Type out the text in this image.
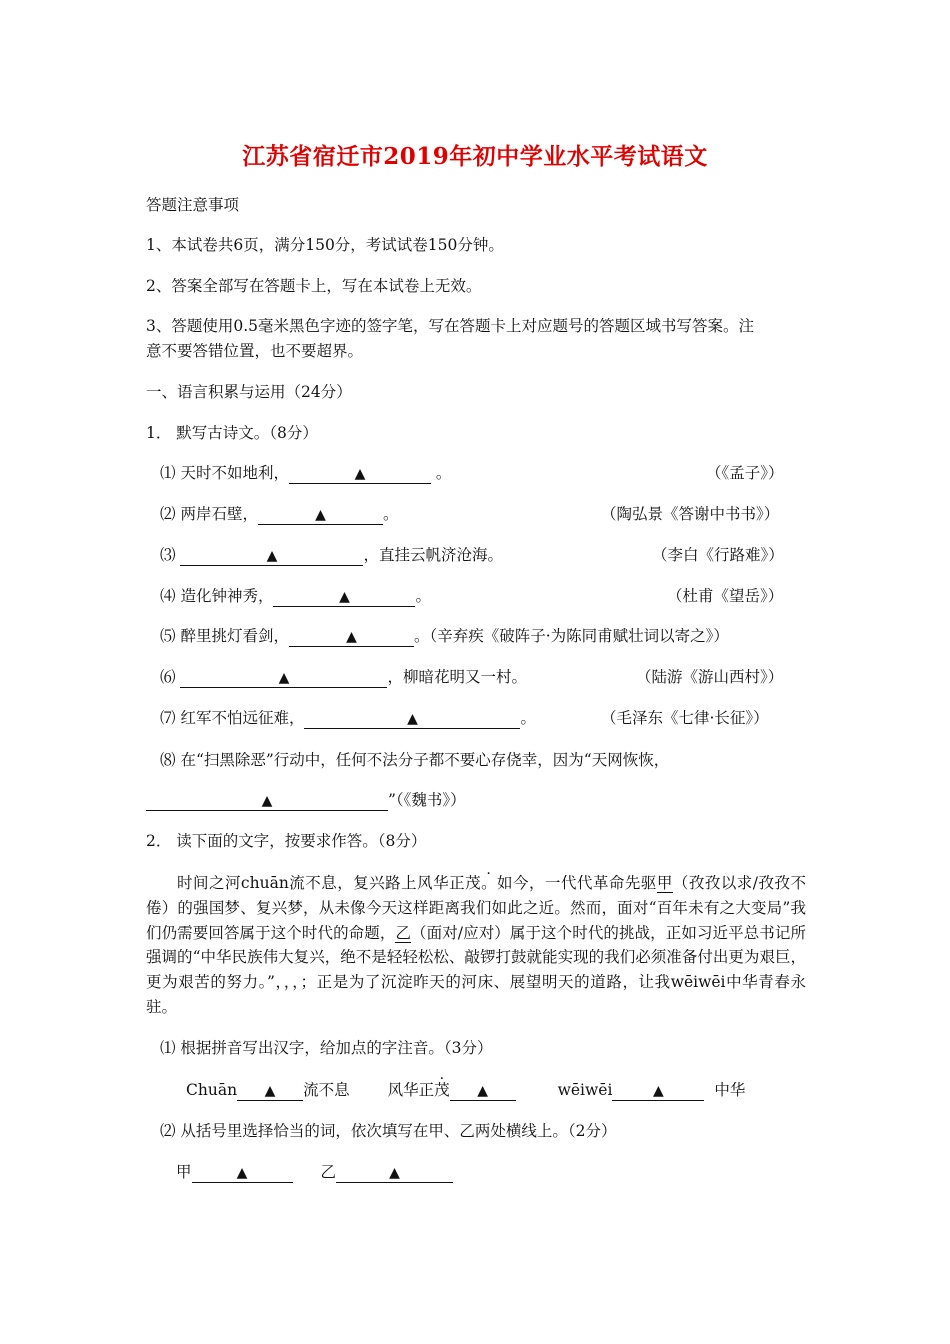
江苏省宿迁市2019年初中学业水平考试语文
答题注意事项
1、本试卷共6页，满分150分，考试试卷150分钟。
2、答案全部写在答题卡上，写在本试卷上无效。
3、答题使用0.5毫米黑色字迹的签字笔，写在答题卡上对应题号的答题区域书写答案。注
意不要答错位置，也不要超界。
一、语言积累与运用（24分）
1． 默写古诗文。（8分）
⑴ 天时不如地利，	▲	。	（《孟子》）
⑵ 两岸石壁，	▲	。	（陶弘景《答谢中书书》）
⑶	▲	，直挂云帆济沧海。	（李白《行路难》）
⑷ 造化钟神秀，	▲	。	（杜甫《望岳》）
⑸ 醉里挑灯看剑，	▲	。（辛弃疾《破阵子·为陈同甫赋壮词以寄之》）
⑹	▲	，柳暗花明又一村。	（陆游《游山西村》）
⑺ 红军不怕远征难，	▲	。	（毛泽东《七律·长征》）
⑻ 在“扫黑除恶”行动中，任何不法分子都不要心存侥幸，因为“天网恢恢，
▲	”（《魏书》）
2． 读下面的文字，按要求作答。（8分）
时间之河chuān流不息，复兴路上风华正茂。如今，一代代革命先驱甲（孜孜以求/孜孜不倦）的强国梦、复兴梦，从未像今天这样距离我们如此之近。然而，面对“百年未有之大变局”我们仍需要回答属于这个时代的命题，乙（面对/应对）属于这个时代的挑战，正如习近平总书记所强调的“中华民族伟大复兴，绝不是轻轻松松、敲锣打鼓就能实现的我们必须准备付出更为艰巨，更为艰苦的努力。”，，，；正是为了沉淀昨天的河床、展望明天的道路，让我wēiwēi中华青春永驻。
⑴ 根据拼音写出汉字，给加点的字注音。（3分）
Chuān ▲ 流不息 风华正茂 ▲	wēiwēi	▲	中华
⑵ 从括号里选择恰当的词，依次填写在甲、乙两处横线上。（2分）
甲	▲	乙	▲
